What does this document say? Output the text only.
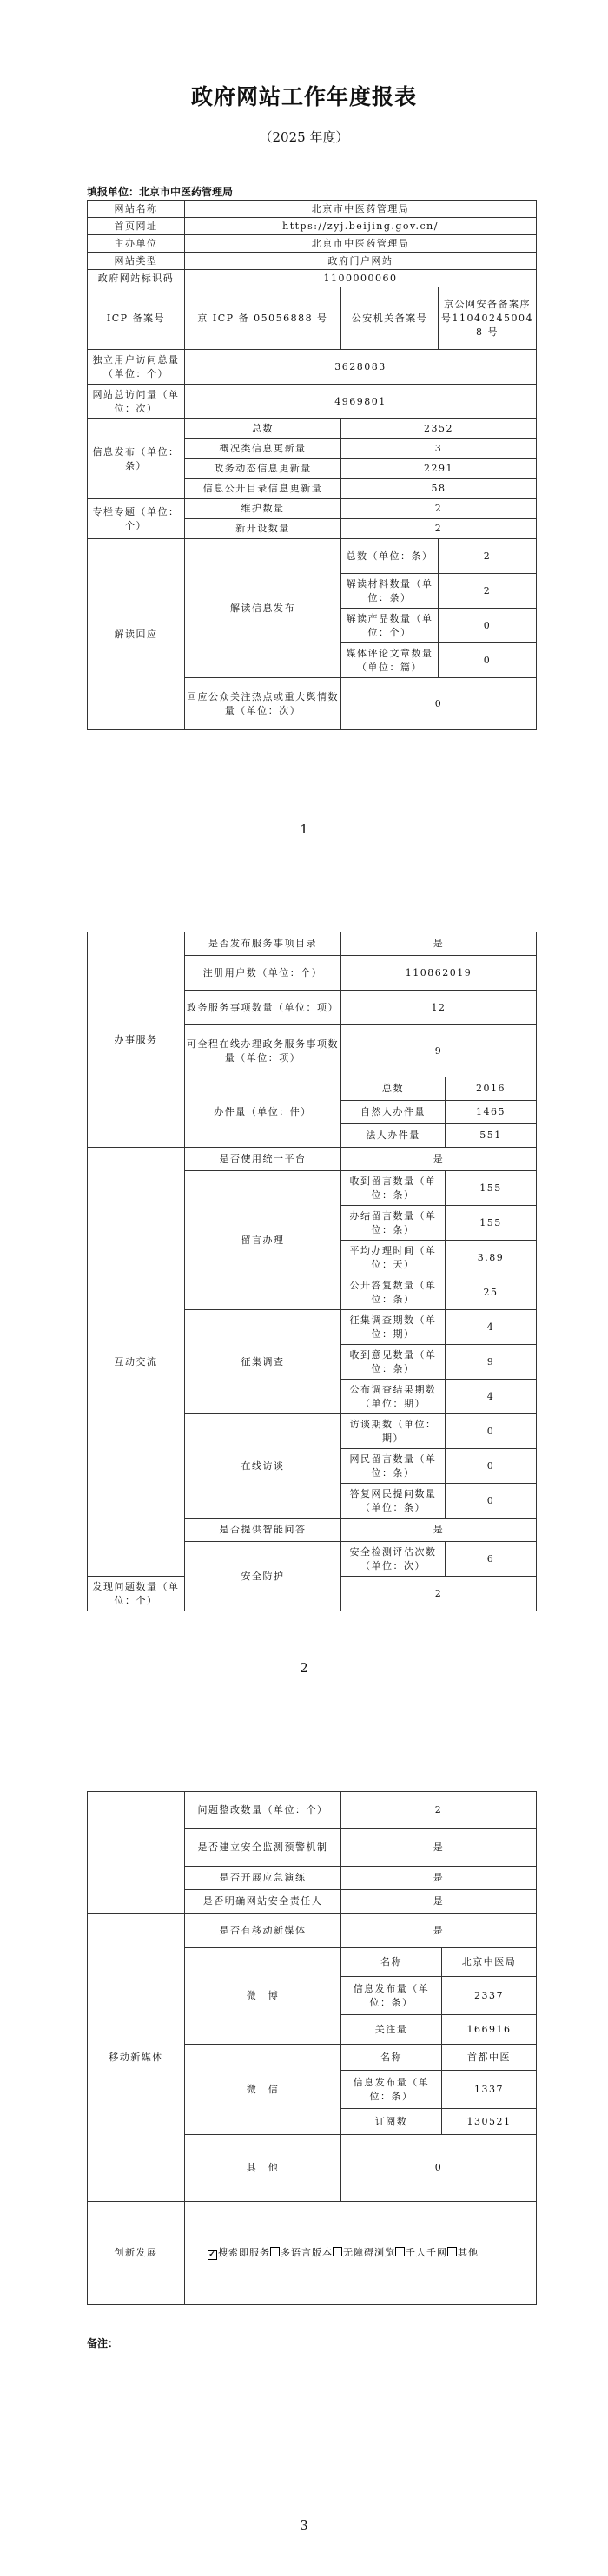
政府网站工作年度报表
（2025 年度）
填报单位：北京市中医药管理局
网站名称	北京市中医药管理局		
首页网址	https://zyj.beijing.gov.cn/		
主办单位	北京市中医药管理局		
网站类型	政府门户网站		
政府网站标识码	1100000060		
ICP 备案号	京 ICP 备 05056888 号	公安机关备案号	京公网安备备案序号110402450048 号
独立用户访问总量（单位：个）	3628083		
网站总访问量（单位：次）	4969801		
信息发布（单位：条）	总数	2352	
	概况类信息更新量	3	
	政务动态信息更新量	2291	
	信息公开目录信息更新量	58	
专栏专题（单位：个）	维护数量	2	
	新开设数量	2	
解读回应	解读信息发布	总数（单位：条）	2
		解读材料数量（单位：条）	2
		解读产品数量（单位：个）	0
		媒体评论文章数量（单位：篇）	0
	回应公众关注热点或重大舆情数量（单位：次）	0	
1
办事服务	是否发布服务事项目录	是	
	注册用户数（单位：个）	110862019	
	政务服务事项数量（单位：项）	12	
	可全程在线办理政务服务事项数量（单位：项）	9	
	办件量（单位：件）	总数	2016
		自然人办件量	1465
		法人办件量	551
互动交流	是否使用统一平台	是	
	留言办理	收到留言数量（单位：条）	155
		办结留言数量（单位：条）	155
		平均办理时间（单位：天）	3.89
		公开答复数量（单位：条）	25
	征集调查	征集调查期数（单位：期）	4
		收到意见数量（单位：条）	9
		公布调查结果期数（单位：期）	4
	在线访谈	访谈期数（单位：期）	0
		网民留言数量（单位：条）	0
		答复网民提问数量（单位：条）	0
	是否提供智能问答	是	
	安全防护	安全检测评估次数（单位：次）	6
发现问题数量（单位：个）		2	
2
	问题整改数量（单位：个）	2	
	是否建立安全监测预警机制	是	
	是否开展应急演练	是	
	是否明确网站安全责任人	是	
移动新媒体	是否有移动新媒体	是	
	微　博	名称	北京中医局
		信息发布量（单位：条）	2337
		关注量	166916
	微　信	名称	首都中医
		信息发布量（单位：条）	1337
		订阅数	130521
	其　他	0	
创新发展	✓ 搜索即服务 多语言版本 无障碍浏览 千人千网 其他		
备注：
3
